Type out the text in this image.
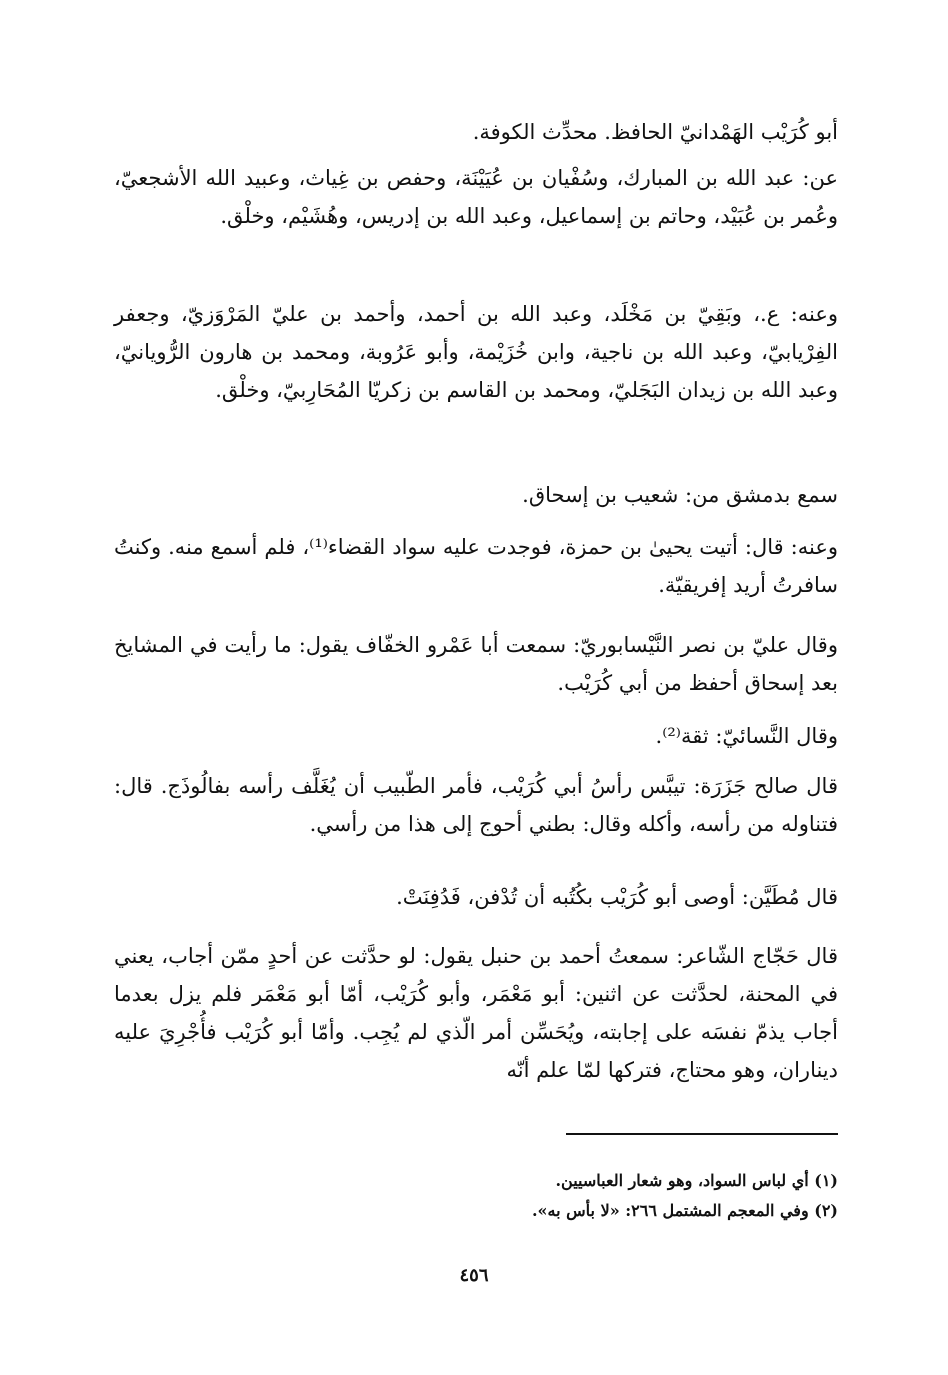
أبو كُرَيْب الهَمْدانيّ الحافظ. محدِّث الكوفة.

عن: عبد الله بن المبارك، وسُفْيان بن عُيَيْنَة، وحفص بن غِياث، وعبيد الله الأشجعيّ، وعُمر بن عُبَيْد، وحاتم بن إسماعيل، وعبد الله بن إدريس، وهُشَيْم، وخلْق.

وعنه: ع.، وبَقِيّ بن مَخْلَد، وعبد الله بن أحمد، وأحمد بن عليّ المَرْوَزيّ، وجعفر الفِرْيابيّ، وعبد الله بن ناجية، وابن خُزَيْمة، وأبو عَرُوبة، ومحمد بن هارون الرُّويانيّ، وعبد الله بن زيدان البَجَليّ، ومحمد بن القاسم بن زكريّا المُحَارِبيّ، وخلْق.

سمع بدمشق من: شعيب بن إسحاق.

وعنه: قال: أتيت يحيىٰ بن حمزة، فوجدت عليه سواد القضاء⁽¹⁾، فلم أسمع منه. وكنتُ سافرتُ أريد إفريقيّة.

وقال عليّ بن نصر النَّيْسابوريّ: سمعت أبا عَمْرو الخفّاف يقول: ما رأيت في المشايخ بعد إسحاق أحفظ من أبي كُرَيْب.

وقال النَّسائيّ: ثقة⁽²⁾.

قال صالح جَزَرَة: تيبَّس رأسُ أبي كُرَيْب، فأمر الطّبيب أن يُغَلَّف رأسه بفالُوذَج. قال: فتناوله من رأسه، وأكله وقال: بطني أحوج إلى هذا من رأسي.

قال مُطَيَّن: أوصى أبو كُرَيْب بكُتُبه أن تُدْفن، فَدُفِنَتْ.

قال حَجّاج الشّاعر: سمعتُ أحمد بن حنبل يقول: لو حدَّثت عن أحدٍ ممّن أجاب، يعني في المحنة، لحدَّثت عن اثنين: أبو مَعْمَر، وأبو كُرَيْب، أمّا أبو مَعْمَر فلم يزل بعدما أجاب يذمّ نفسَه على إجابته، ويُحَسِّن أمر الّذي لم يُجِب. وأمّا أبو كُرَيْب فأُجْرِيَ عليه ديناران، وهو محتاج، فتركها لمّا علم أنّه

(١) أي لباس السواد، وهو شعار العباسيين.

(٢) وفي المعجم المشتمل ٢٦٦: «لا بأس به».

٤٥٦
